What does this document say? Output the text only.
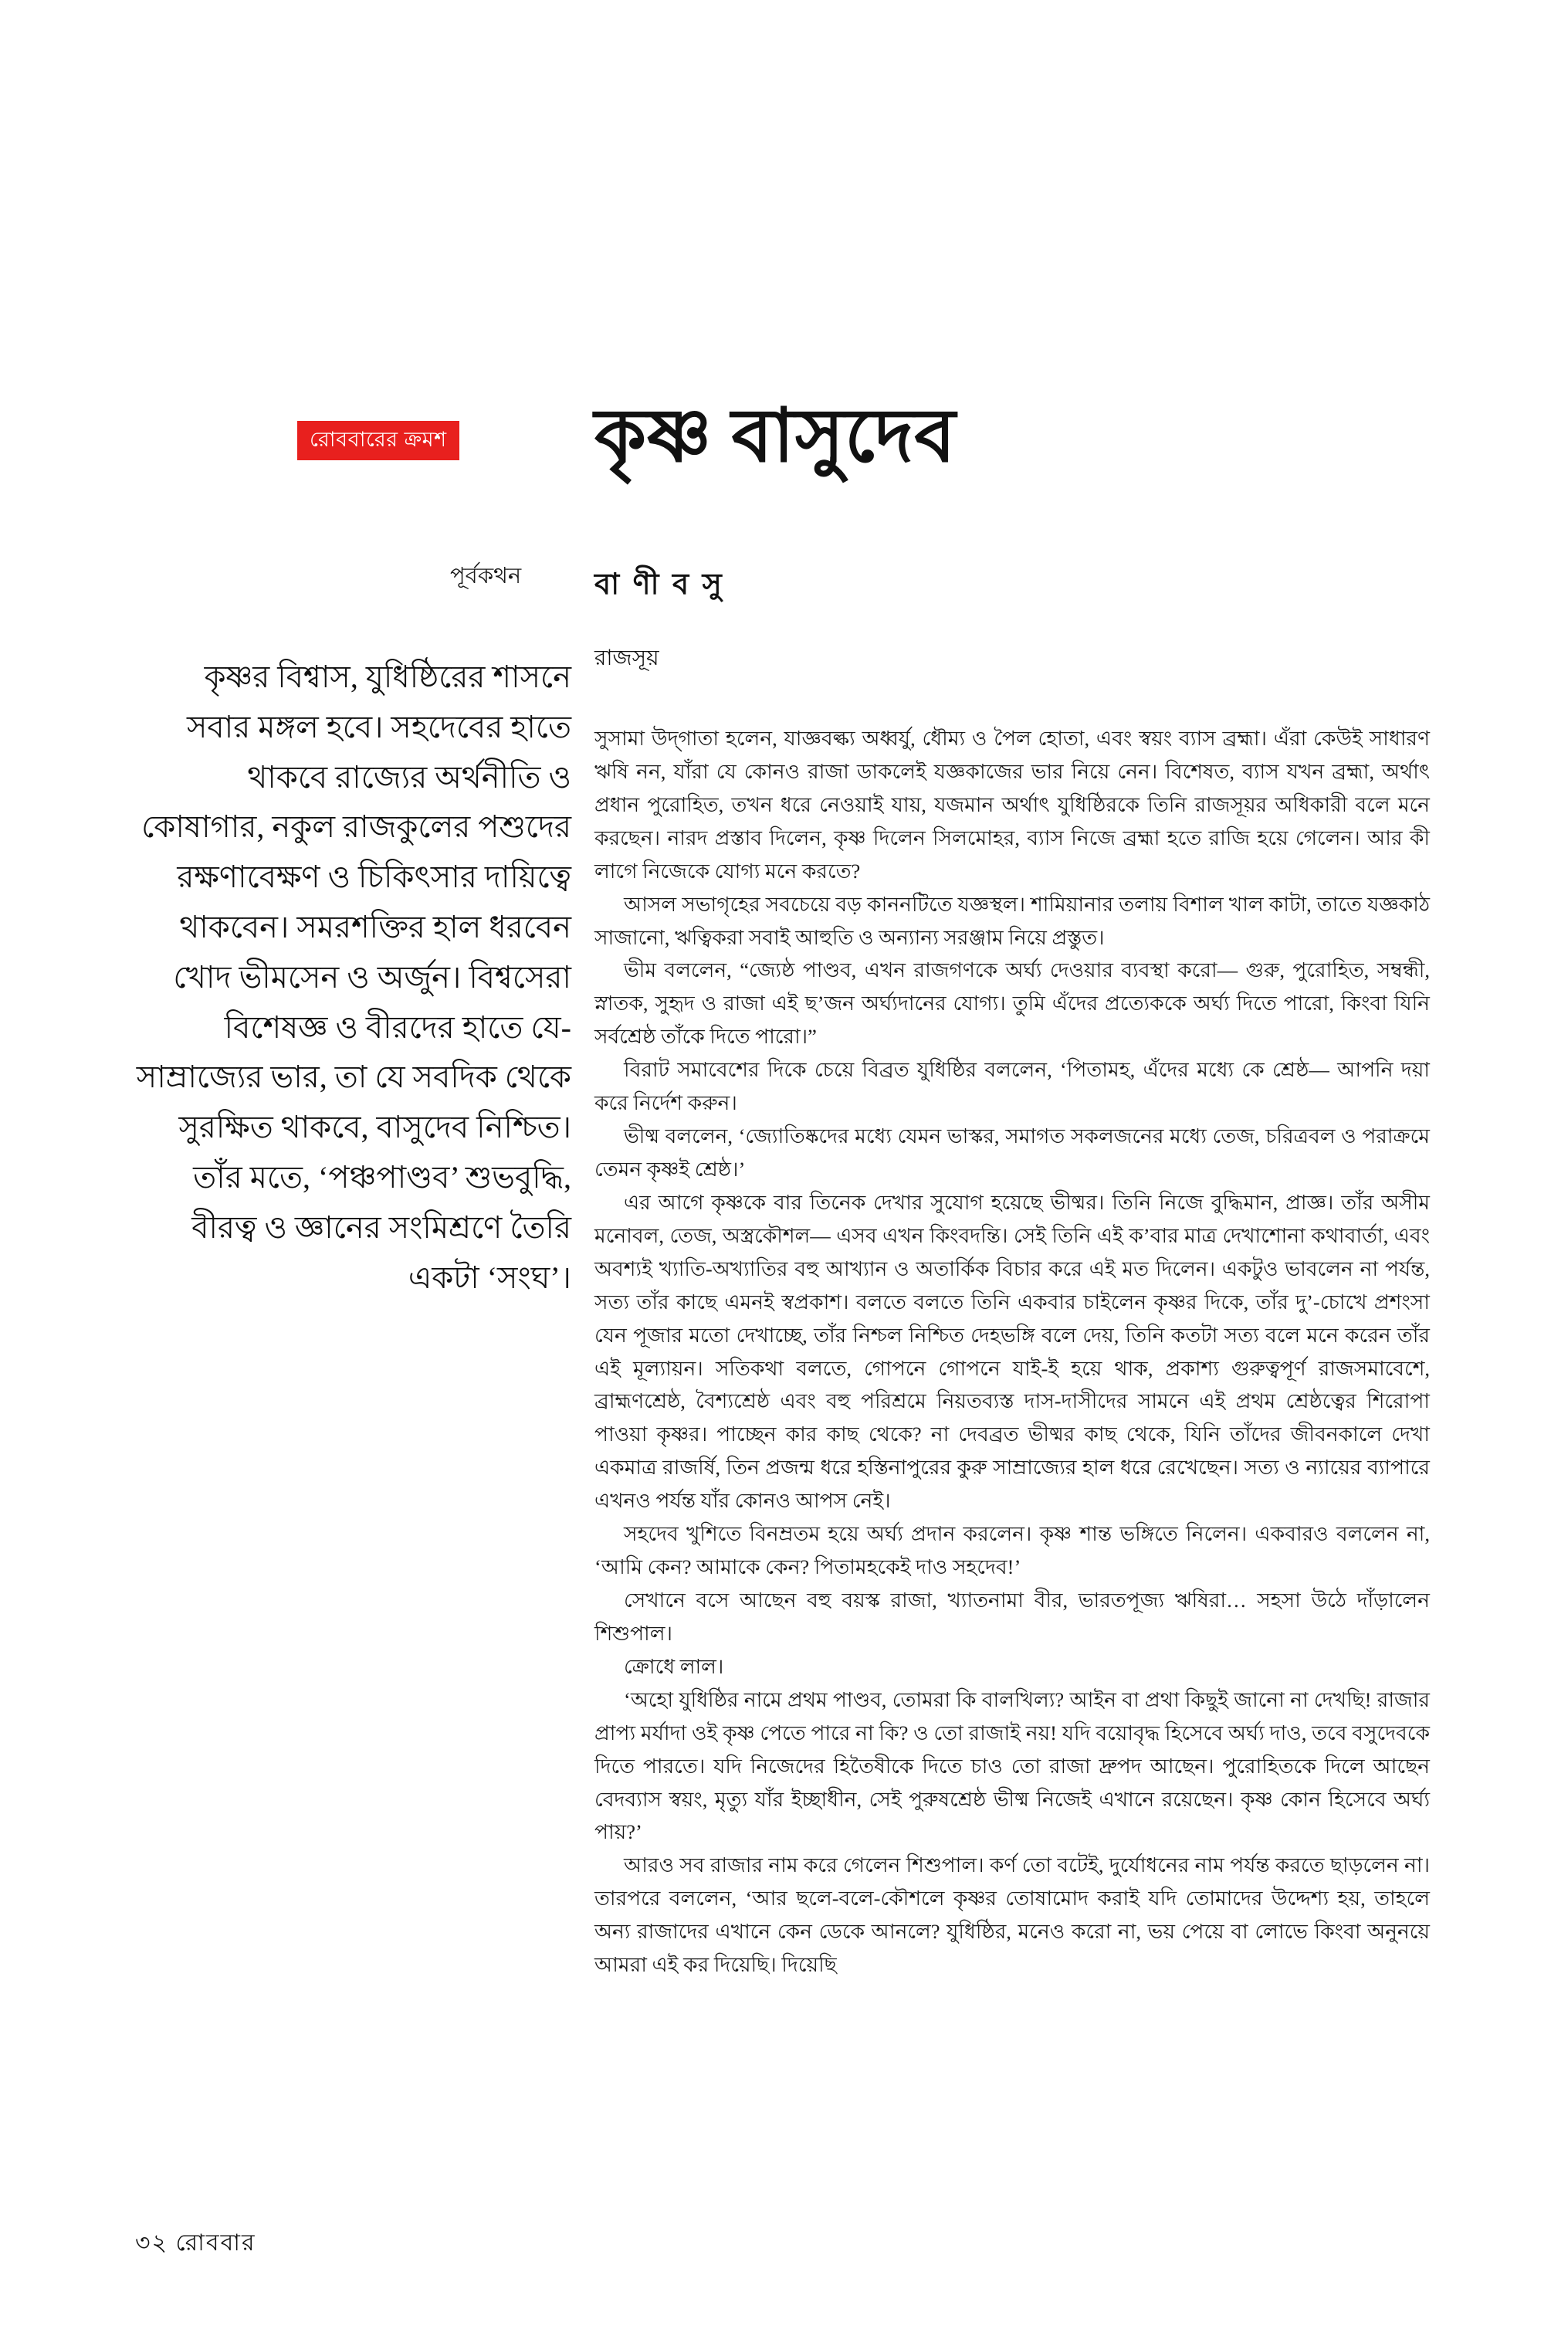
রোববারের ক্রমশ কৃষ্ণ বাসুদেব
পূর্বকথন বা ণী ব সু
কৃষ্ণর বিশ্বাস, যুধিষ্ঠিরের শাসনে সবার মঙ্গল হবে। সহদেবের হাতে থাকবে রাজ্যের অর্থনীতি ও কোষাগার, নকুল রাজকুলের পশুদের রক্ষণাবেক্ষণ ও চিকিৎসার দায়িত্বে থাকবেন। সমরশক্তির হাল ধরবেন খোদ ভীমসেন ও অর্জুন। বিশ্বসেরা বিশেষজ্ঞ ও বীরদের হাতে যে-সাম্রাজ্যের ভার, তা যে সবদিক থেকে সুরক্ষিত থাকবে, বাসুদেব নিশ্চিত। তাঁর মতে, ‘পঞ্চপাণ্ডব’ শুভবুদ্ধি, বীরত্ব ও জ্ঞানের সংমিশ্রণে তৈরি একটা ‘সংঘ’।
রাজসূয়

সুসামা উদ্‌গাতা হলেন, যাজ্ঞবল্ক্য অধ্বর্যু, ধৌম্য ও পৈল হোতা, এবং স্বয়ং ব্যাস ব্রহ্মা। এঁরা কেউই সাধারণ ঋষি নন, যাঁরা যে কোনও রাজা ডাকলেই যজ্ঞকাজের ভার নিয়ে নেন। বিশেষত, ব্যাস যখন ব্রহ্মা, অর্থাৎ প্রধান পুরোহিত, তখন ধরে নেওয়াই যায়, যজমান অর্থাৎ যুধিষ্ঠিরকে তিনি রাজসূয়র অধিকারী বলে মনে করছেন। নারদ প্রস্তাব দিলেন, কৃষ্ণ দিলেন সিলমোহর, ব্যাস নিজে ব্রহ্মা হতে রাজি হয়ে গেলেন। আর কী লাগে নিজেকে যোগ্য মনে করতে?

আসল সভাগৃহের সবচেয়ে বড় কাননটিতে যজ্ঞস্থল। শামিয়ানার তলায় বিশাল খাল কাটা, তাতে যজ্ঞকাঠ সাজানো, ঋত্বিকরা সবাই আহুতি ও অন্যান্য সরঞ্জাম নিয়ে প্রস্তুত।

ভীম বললেন, “জ্যেষ্ঠ পাণ্ডব, এখন রাজগণকে অর্ঘ্য দেওয়ার ব্যবস্থা করো— গুরু, পুরোহিত, সম্বন্ধী, স্নাতক, সুহৃদ ও রাজা এই ছ’জন অর্ঘ্যদানের যোগ্য। তুমি এঁদের প্রত্যেককে অর্ঘ্য দিতে পারো, কিংবা যিনি সর্বশ্রেষ্ঠ তাঁকে দিতে পারো।”

বিরাট সমাবেশের দিকে চেয়ে বিব্রত যুধিষ্ঠির বললেন, ‘পিতামহ, এঁদের মধ্যে কে শ্রেষ্ঠ— আপনি দয়া করে নির্দেশ করুন।

ভীষ্ম বললেন, ‘জ্যোতিষ্কদের মধ্যে যেমন ভাস্কর, সমাগত সকলজনের মধ্যে তেজ, চরিত্রবল ও পরাক্রমে তেমন কৃষ্ণই শ্রেষ্ঠ।’

এর আগে কৃষ্ণকে বার তিনেক দেখার সুযোগ হয়েছে ভীষ্মর। তিনি নিজে বুদ্ধিমান, প্রাজ্ঞ। তাঁর অসীম মনোবল, তেজ, অস্ত্রকৌশল— এসব এখন কিংবদন্তি। সেই তিনি এই ক’বার মাত্র দেখাশোনা কথাবার্তা, এবং অবশ্যই খ্যাতি-অখ্যাতির বহু আখ্যান ও অতার্কিক বিচার করে এই মত দিলেন। একটুও ভাবলেন না পর্যন্ত, সত্য তাঁর কাছে এমনই স্বপ্রকাশ। বলতে বলতে তিনি একবার চাইলেন কৃষ্ণর দিকে, তাঁর দু’-চোখে প্রশংসা যেন পূজার মতো দেখাচ্ছে, তাঁর নিশ্চল নিশ্চিত দেহভঙ্গি বলে দেয়, তিনি কতটা সত্য বলে মনে করেন তাঁর এই মূল্যায়ন। সতিকথা বলতে, গোপনে গোপনে যাই-ই হয়ে থাক, প্রকাশ্য গুরুত্বপূর্ণ রাজসমাবেশে, ব্রাহ্মণশ্রেষ্ঠ, বৈশ্যশ্রেষ্ঠ এবং বহু পরিশ্রমে নিয়তব্যস্ত দাস-দাসীদের সামনে এই প্রথম শ্রেষ্ঠত্বের শিরোপা পাওয়া কৃষ্ণর। পাচ্ছেন কার কাছ থেকে? না দেবব্রত ভীষ্মর কাছ থেকে, যিনি তাঁদের জীবনকালে দেখা একমাত্র রাজর্ষি, তিন প্রজন্ম ধরে হস্তিনাপুরের কুরু সাম্রাজ্যের হাল ধরে রেখেছেন। সত্য ও ন্যায়ের ব্যাপারে এখনও পর্যন্ত যাঁর কোনও আপস নেই।

সহদেব খুশিতে বিনম্রতম হয়ে অর্ঘ্য প্রদান করলেন। কৃষ্ণ শান্ত ভঙ্গিতে নিলেন। একবারও বললেন না, ‘আমি কেন? আমাকে কেন? পিতামহকেই দাও সহদেব!’

সেখানে বসে আছেন বহু বয়স্ক রাজা, খ্যাতনামা বীর, ভারতপূজ্য ঋষিরা… সহসা উঠে দাঁড়ালেন শিশুপাল।

ক্রোধে লাল।

‘অহো যুধিষ্ঠির নামে প্রথম পাণ্ডব, তোমরা কি বালখিল্য? আইন বা প্রথা কিছুই জানো না দেখছি! রাজার প্রাপ্য মর্যাদা ওই কৃষ্ণ পেতে পারে না কি? ও তো রাজাই নয়! যদি বয়োবৃদ্ধ হিসেবে অর্ঘ্য দাও, তবে বসুদেবকে দিতে পারতে। যদি নিজেদের হিতৈষীকে দিতে চাও তো রাজা দ্রুপদ আছেন। পুরোহিতকে দিলে আছেন বেদব্যাস স্বয়ং, মৃত্যু যাঁর ইচ্ছাধীন, সেই পুরুষশ্রেষ্ঠ ভীষ্ম নিজেই এখানে রয়েছেন। কৃষ্ণ কোন হিসেবে অর্ঘ্য পায়?’

আরও সব রাজার নাম করে গেলেন শিশুপাল। কর্ণ তো বটেই, দুর্যোধনের নাম পর্যন্ত করতে ছাড়লেন না। তারপরে বললেন, ‘আর ছলে-বলে-কৌশলে কৃষ্ণর তোষামোদ করাই যদি তোমাদের উদ্দেশ্য হয়, তাহলে অন্য রাজাদের এখানে কেন ডেকে আনলে? যুধিষ্ঠির, মনেও করো না, ভয় পেয়ে বা লোভে কিংবা অনুনয়ে আমরা এই কর দিয়েছি। দিয়েছি

৩২ রোববার
